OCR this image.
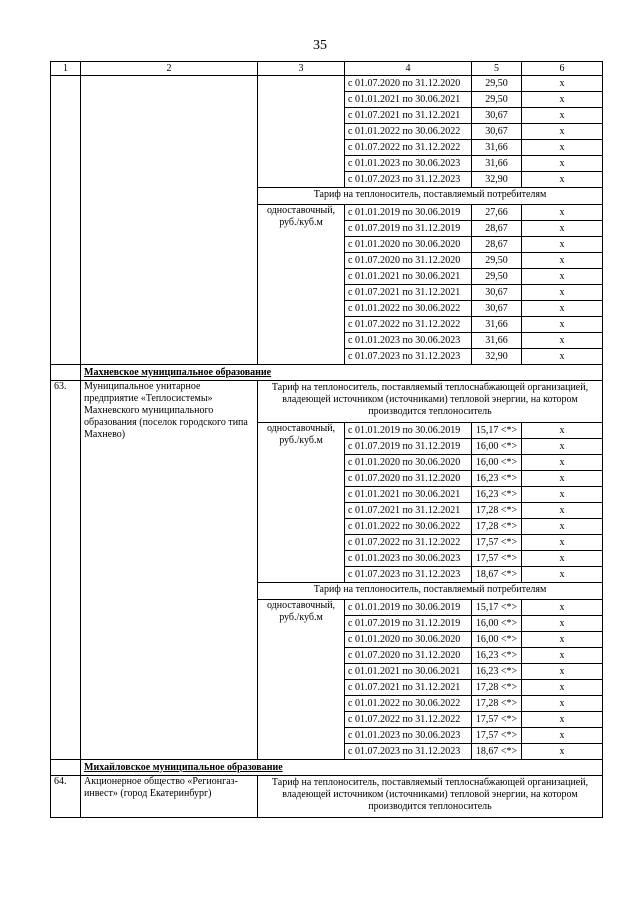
35
1	2	3	4	5	6
			с 01.07.2020 по 31.12.2020	29,50	х
			с 01.01.2021 по 30.06.2021	29,50	х
			с 01.07.2021 по 31.12.2021	30,67	х
			с 01.01.2022 по 30.06.2022	30,67	х
			с 01.07.2022 по 31.12.2022	31,66	х
			с 01.01.2023 по 30.06.2023	31,66	х
			с 01.07.2023 по 31.12.2023	32,90	х
		Тариф на теплоноситель, поставляемый потребителям			
		одноставочный, руб./куб.м	с 01.01.2019 по 30.06.2019	27,66	х
			с 01.07.2019 по 31.12.2019	28,67	х
			с 01.01.2020 по 30.06.2020	28,67	х
			с 01.07.2020 по 31.12.2020	29,50	х
			с 01.01.2021 по 30.06.2021	29,50	х
			с 01.07.2021 по 31.12.2021	30,67	х
			с 01.01.2022 по 30.06.2022	30,67	х
			с 01.07.2022 по 31.12.2022	31,66	х
			с 01.01.2023 по 30.06.2023	31,66	х
			с 01.07.2023 по 31.12.2023	32,90	х
	Махневское муниципальное образование				
63.	Муниципальное унитарное предприятие «Теплосистемы» Махневского муниципального образования (поселок городского типа Махнево)	Тариф на теплоноситель, поставляемый теплоснабжающей организацией, владеющей источником (источниками) тепловой энергии, на котором производится теплоноситель			
		одноставочный, руб./куб.м	с 01.01.2019 по 30.06.2019	15,17 <*>	х
			с 01.07.2019 по 31.12.2019	16,00 <*>	х
			с 01.01.2020 по 30.06.2020	16,00 <*>	х
			с 01.07.2020 по 31.12.2020	16,23 <*>	х
			с 01.01.2021 по 30.06.2021	16,23 <*>	х
			с 01.07.2021 по 31.12.2021	17,28 <*>	х
			с 01.01.2022 по 30.06.2022	17,28 <*>	х
			с 01.07.2022 по 31.12.2022	17,57 <*>	х
			с 01.01.2023 по 30.06.2023	17,57 <*>	х
			с 01.07.2023 по 31.12.2023	18,67 <*>	х
		Тариф на теплоноситель, поставляемый потребителям			
		одноставочный, руб./куб.м	с 01.01.2019 по 30.06.2019	15,17 <*>	х
			с 01.07.2019 по 31.12.2019	16,00 <*>	х
			с 01.01.2020 по 30.06.2020	16,00 <*>	х
			с 01.07.2020 по 31.12.2020	16,23 <*>	х
			с 01.01.2021 по 30.06.2021	16,23 <*>	х
			с 01.07.2021 по 31.12.2021	17,28 <*>	х
			с 01.01.2022 по 30.06.2022	17,28 <*>	х
			с 01.07.2022 по 31.12.2022	17,57 <*>	х
			с 01.01.2023 по 30.06.2023	17,57 <*>	х
			с 01.07.2023 по 31.12.2023	18,67 <*>	х
	Михайловское муниципальное образование				
64.	Акционерное общество «Регионгаз-инвест» (город Екатеринбург)	Тариф на теплоноситель, поставляемый теплоснабжающей организацией, владеющей источником (источниками) тепловой энергии, на котором производится теплоноситель			
